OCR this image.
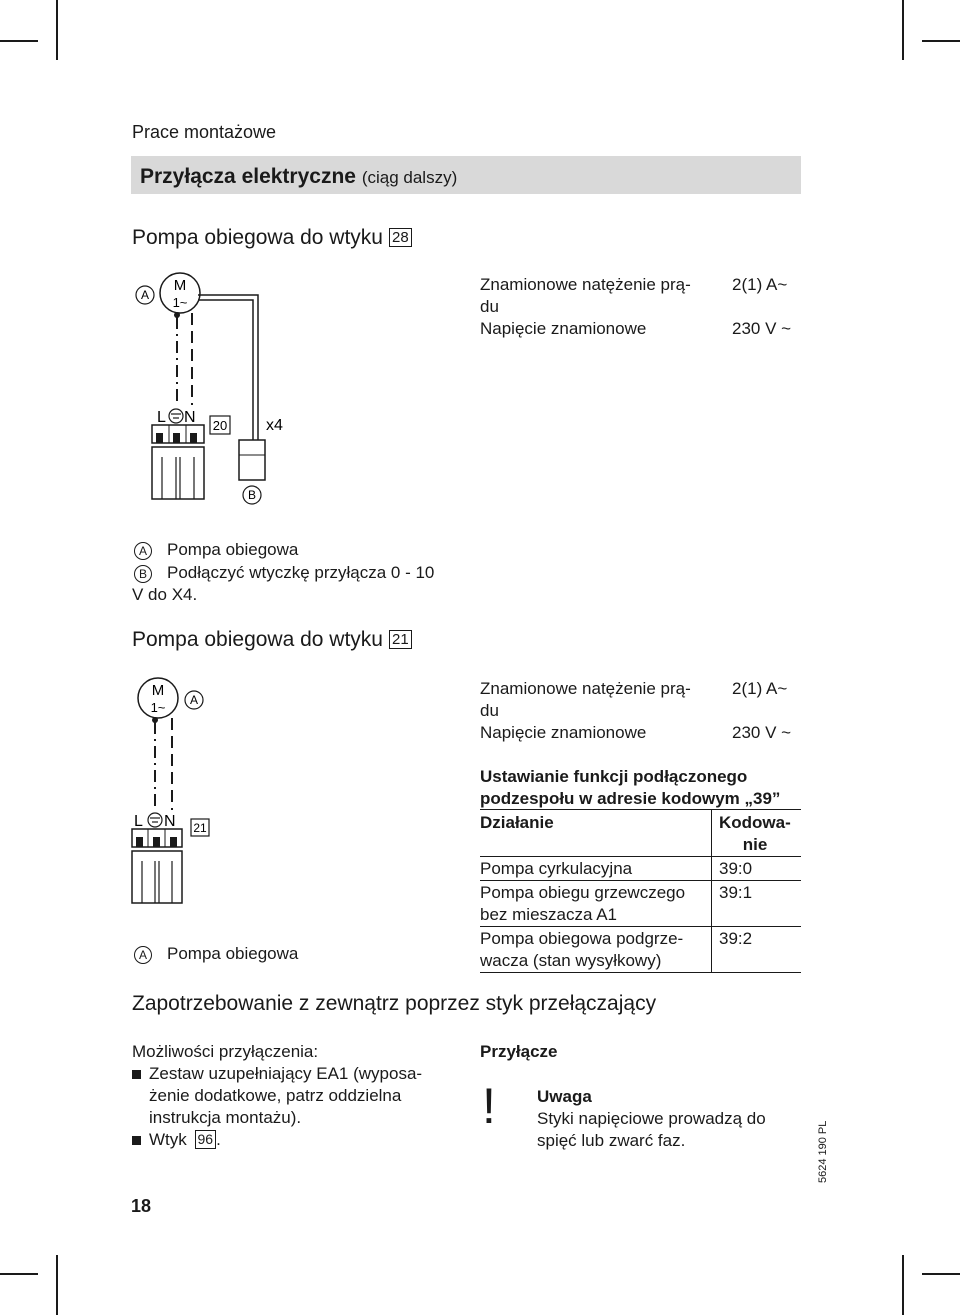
Prace montażowe
Przyłącza elektryczne (ciąg dalszy)
Pompa obiegowa do wtyku 28
A
M
1~
L N 20 x4
B
Znamionowe natężenie prą-
du
2(1) A~
Napięcie znamionowe	230 V ~
A Pompa obiegowa
B Podłączyć wtyczkę przyłącza 0 - 10
V do X4.
Pompa obiegowa do wtyku 21
M
1~ A
L N 21
A Pompa obiegowa
Znamionowe natężenie prą-
du
2(1) A~
Napięcie znamionowe	230 V ~
Ustawianie funkcji podłączonego
podzespołu w adresie kodowym „39”
Działanie	Kodowa-
nie

Pompa cyrkulacyjna	39:0

Pompa obiegu grzewczego
bez mieszacza A1	39:1

Pompa obiegowa podgrze-
wacza (stan wysyłkowy)	39:2
Zapotrzebowanie z zewnątrz poprzez styk przełączający
Możliwości przyłączenia:
Zestaw uzupełniający EA1 (wyposa-
żenie dodatkowe, patrz oddzielna
instrukcja montażu).
Wtyk 96 .
Przyłącze
! Uwaga
Styki napięciowe prowadzą do
spięć lub zwarć faz.
18
5624 190 PL
